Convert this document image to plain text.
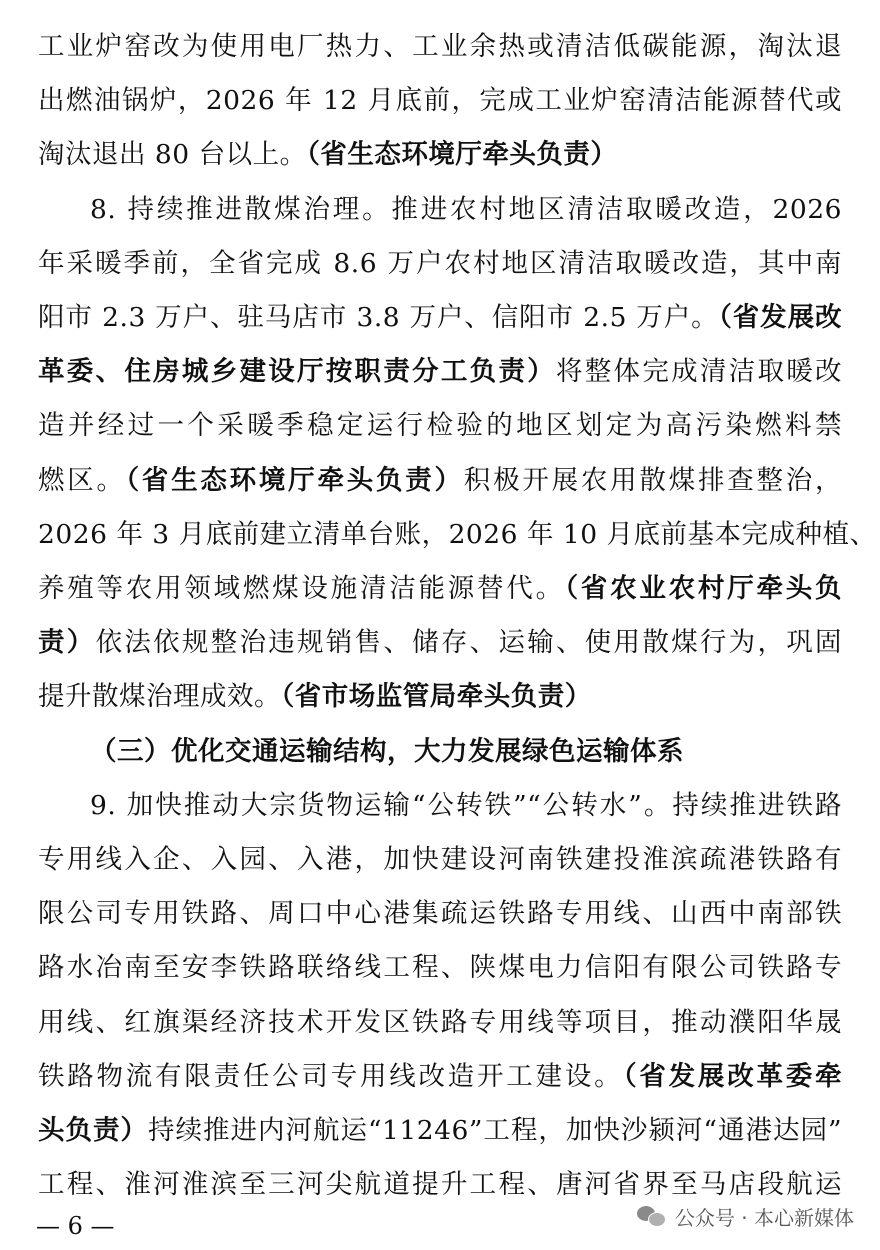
工业炉窑改为使用电厂热力、工业余热或清洁低碳能源，淘汰退
出燃油锅炉，2026 年 12 月底前，完成工业炉窑清洁能源替代或
淘汰退出 80 台以上。（省生态环境厅牵头负责）
8. 持续推进散煤治理。推进农村地区清洁取暖改造，2026
年采暖季前，全省完成 8.6 万户农村地区清洁取暖改造，其中南
阳市 2.3 万户、驻马店市 3.8 万户、信阳市 2.5 万户。（省发展改
革委、住房城乡建设厅按职责分工负责）将整体完成清洁取暖改
造并经过一个采暖季稳定运行检验的地区划定为高污染燃料禁
燃区。（省生态环境厅牵头负责）积极开展农用散煤排查整治，
2026 年 3 月底前建立清单台账，2026 年 10 月底前基本完成种植、
养殖等农用领域燃煤设施清洁能源替代。（省农业农村厅牵头负
责）依法依规整治违规销售、储存、运输、使用散煤行为，巩固
提升散煤治理成效。（省市场监管局牵头负责）
（三）优化交通运输结构，大力发展绿色运输体系
9. 加快推动大宗货物运输“公转铁”“公转水”。持续推进铁路
专用线入企、入园、入港，加快建设河南铁建投淮滨疏港铁路有
限公司专用铁路、周口中心港集疏运铁路专用线、山西中南部铁
路水冶南至安李铁路联络线工程、陕煤电力信阳有限公司铁路专
用线、红旗渠经济技术开发区铁路专用线等项目，推动濮阳华晟
铁路物流有限责任公司专用线改造开工建设。（省发展改革委牵
头负责）持续推进内河航运“11246”工程，加快沙颍河“通港达园”
工程、淮河淮滨至三河尖航道提升工程、唐河省界至马店段航运
— 6 —	公众号 · 本心新媒体
